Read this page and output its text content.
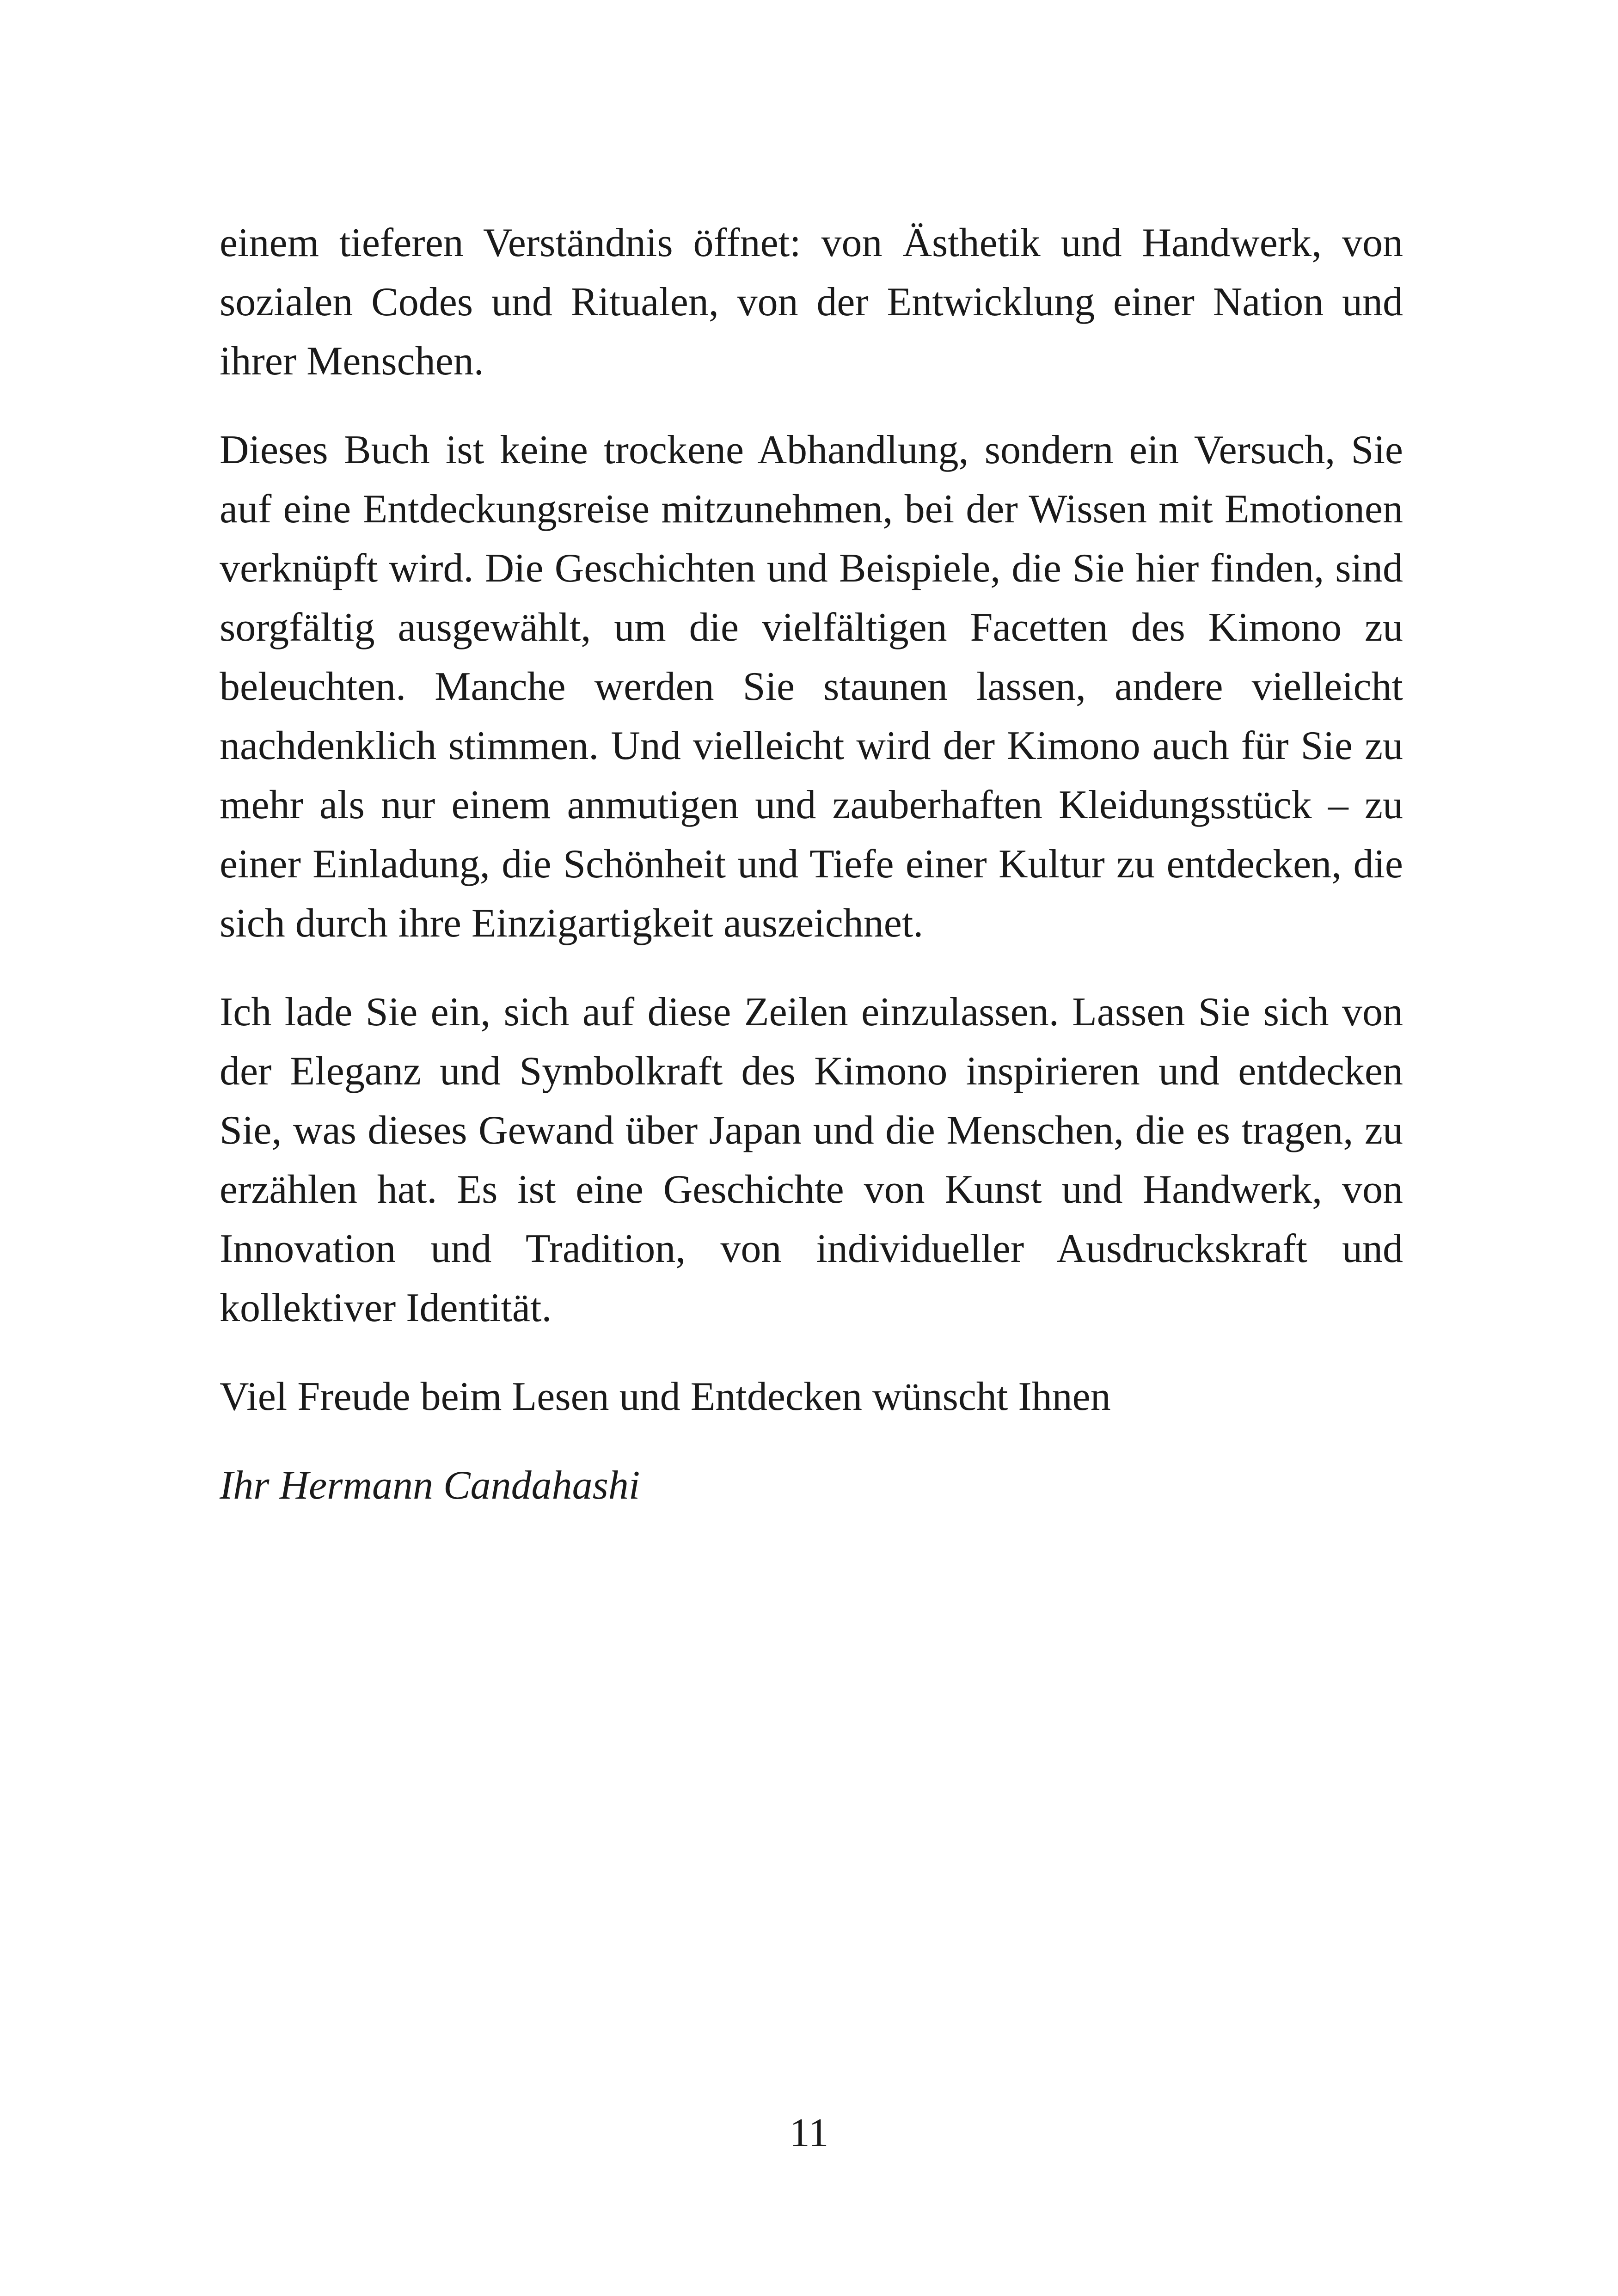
einem tieferen Verständnis öffnet: von Ästhetik und Handwerk, von sozialen Codes und Ritualen, von der Entwicklung einer Nation und ihrer Menschen.

Dieses Buch ist keine trockene Abhandlung, sondern ein Versuch, Sie auf eine Entdeckungsreise mitzunehmen, bei der Wissen mit Emotionen verknüpft wird. Die Geschichten und Beispiele, die Sie hier finden, sind sorgfältig ausgewählt, um die vielfältigen Facetten des Kimono zu beleuchten. Manche werden Sie staunen lassen, andere vielleicht nachdenklich stimmen. Und vielleicht wird der Kimono auch für Sie zu mehr als nur einem anmutigen und zauberhaften Kleidungsstück – zu einer Einladung, die Schönheit und Tiefe einer Kultur zu entdecken, die sich durch ihre Einzigartigkeit auszeichnet.

Ich lade Sie ein, sich auf diese Zeilen einzulassen. Lassen Sie sich von der Eleganz und Symbolkraft des Kimono inspirieren und entdecken Sie, was dieses Gewand über Japan und die Menschen, die es tragen, zu erzählen hat. Es ist eine Geschichte von Kunst und Handwerk, von Innovation und Tradition, von individueller Ausdruckskraft und kollektiver Identität.

Viel Freude beim Lesen und Entdecken wünscht Ihnen

Ihr Hermann Candahashi

11
